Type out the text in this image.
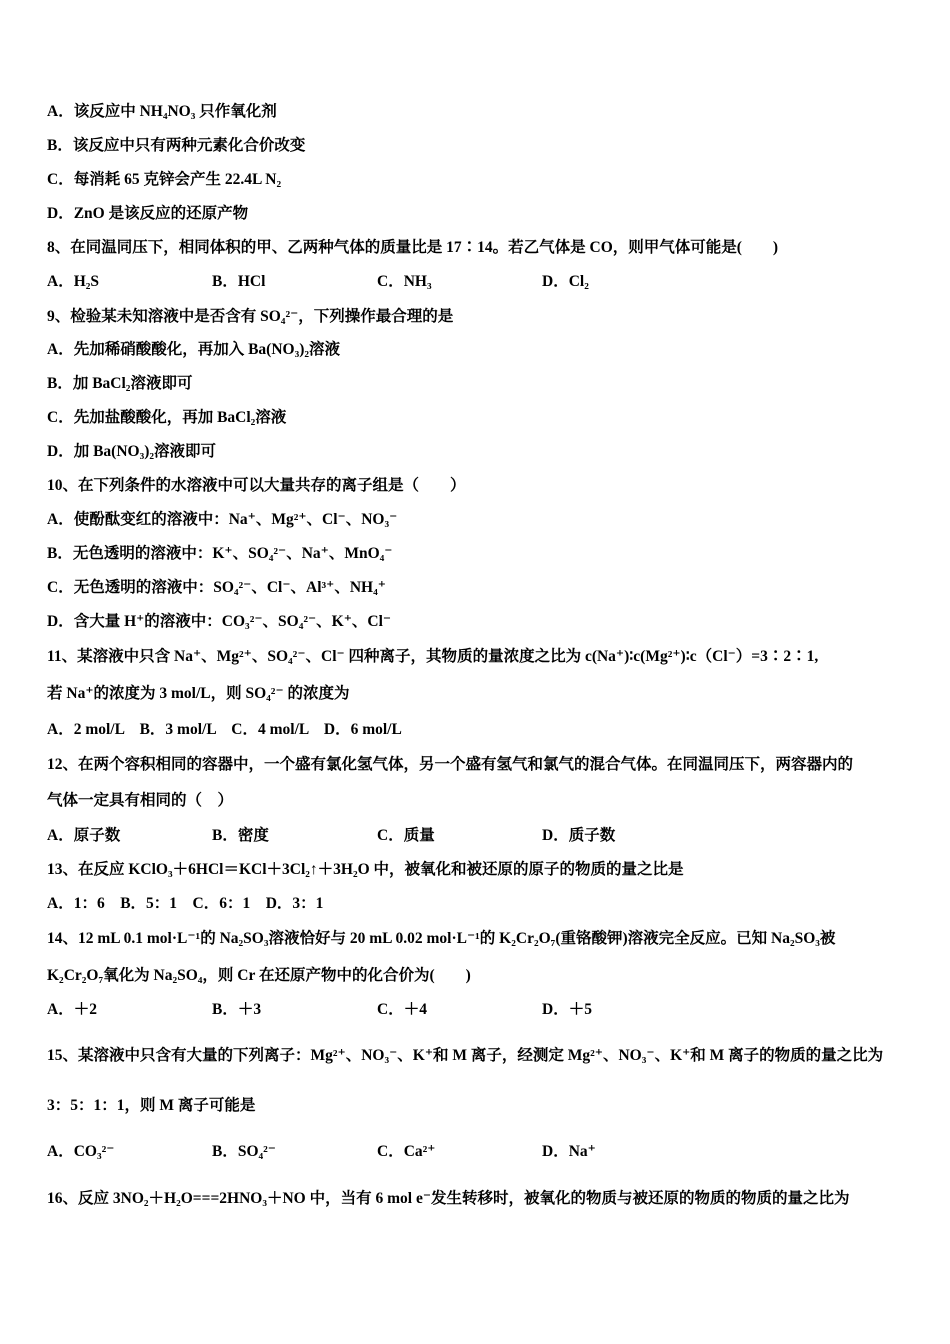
A．该反应中 NH₄NO₃ 只作氧化剂
B．该反应中只有两种元素化合价改变
C．每消耗 65 克锌会产生 22.4L N₂
D．ZnO 是该反应的还原产物
8、在同温同压下，相同体积的甲、乙两种气体的质量比是 17∶14。若乙气体是 CO，则甲气体可能是(　　)
A．H₂S	B．HCl	C．NH₃	D．Cl₂
9、检验某未知溶液中是否含有 SO₄²⁻，下列操作最合理的是
A．先加稀硝酸酸化，再加入 Ba(NO₃)₂溶液
B．加 BaCl₂溶液即可
C．先加盐酸酸化，再加 BaCl₂溶液
D．加 Ba(NO₃)₂溶液即可
10、在下列条件的水溶液中可以大量共存的离子组是（　　）
A．使酚酞变红的溶液中：Na⁺、Mg²⁺、Cl⁻、NO₃⁻
B．无色透明的溶液中：K⁺、SO₄²⁻、Na⁺、MnO₄⁻
C．无色透明的溶液中：SO₄²⁻、Cl⁻、Al³⁺、NH₄⁺
D．含大量 H⁺的溶液中：CO₃²⁻、SO₄²⁻、K⁺、Cl⁻
11、某溶液中只含 Na⁺、Mg²⁺、SO₄²⁻、Cl⁻ 四种离子，其物质的量浓度之比为 c(Na⁺)∶c(Mg²⁺)∶c（Cl⁻）=3∶2∶1,
若 Na⁺的浓度为 3 mol/L，则 SO₄²⁻ 的浓度为
A．2 mol/L　B．3 mol/L　C．4 mol/L　D．6 mol/L
12、在两个容积相同的容器中，一个盛有氯化氢气体，另一个盛有氢气和氯气的混合气体。在同温同压下，两容器内的
气体一定具有相同的（　）
A．原子数	B．密度	C．质量	D．质子数
13、在反应 KClO₃＋6HCl＝KCl＋3Cl₂↑＋3H₂O 中，被氧化和被还原的原子的物质的量之比是
A．1：6　B．5：1　C．6：1　D．3：1
14、12 mL 0.1 mol·L⁻¹的 Na₂SO₃溶液恰好与 20 mL 0.02 mol·L⁻¹的 K₂Cr₂O₇(重铬酸钾)溶液完全反应。已知 Na₂SO₃被
K₂Cr₂O₇氧化为 Na₂SO₄，则 Cr 在还原产物中的化合价为(　　)
A．＋2	B．＋3	C．＋4	D．＋5
15、某溶液中只含有大量的下列离子：Mg²⁺、NO₃⁻、K⁺和 M 离子，经测定 Mg²⁺、NO₃⁻、K⁺和 M 离子的物质的量之比为
3：5：1：1，则 M 离子可能是
A．CO₃²⁻	B．SO₄²⁻	C．Ca²⁺	D．Na⁺
16、反应 3NO₂＋H₂O===2HNO₃＋NO 中，当有 6 mol e⁻发生转移时，被氧化的物质与被还原的物质的物质的量之比为
